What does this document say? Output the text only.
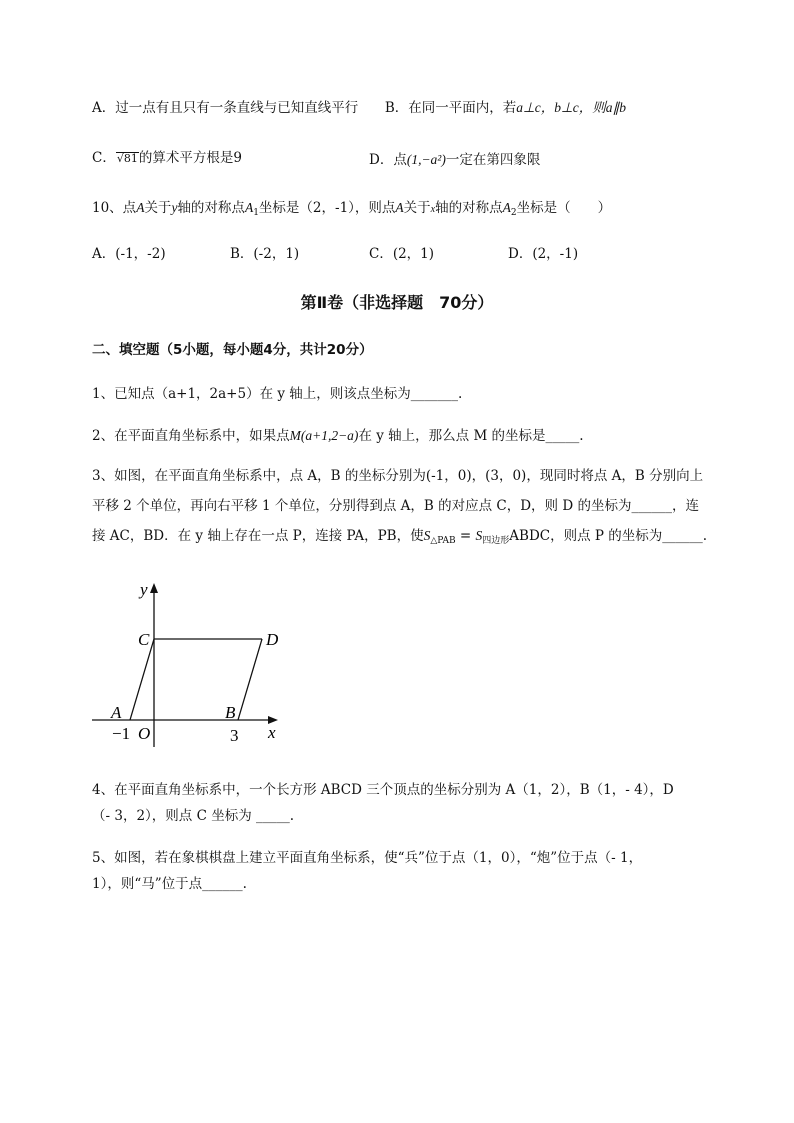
A．过一点有且只有一条直线与已知直线平行 B．在同一平面内，若a⊥c，b⊥c，则a∥b
C．√81的算术平方根是9	D．点(1,−a²)一定在第四象限
10、点A关于y轴的对称点$A_1$坐标是（2，-1），则点A关于x轴的对称点$A_2$坐标是（　　）
A．(-1，-2)	B．(-2，1)	C．(2，1)	D．(2，-1)
第Ⅱ卷（非选择题　70分）
二、填空题（5小题，每小题4分，共计20分）
1、已知点（a+1，2a+5）在 y 轴上，则该点坐标为_______.
2、在平面直角坐标系中，如果点M(a+1,2−a)在 y 轴上，那么点 M 的坐标是_____.
3、如图，在平面直角坐标系中，点 A，B 的坐标分别为(-1，0)，(3，0)，现同时将点 A，B 分别向上
平移 2 个单位，再向右平移 1 个单位，分别得到点 A，B 的对应点 C，D，则 D 的坐标为______，连
接 AC，BD．在 y 轴上存在一点 P，连接 PA，PB，使$S_{\triangle PAB}$ = $S_{四边形}ABDC$，则点 P 的坐标为______.
y
x
C	D
A	B
O
−1	3
4、在平面直角坐标系中，一个长方形 ABCD 三个顶点的坐标分别为 A（1，2），B（1，- 4），D
（- 3，2），则点 C 坐标为 _____.
5、如图，若在象棋棋盘上建立平面直角坐标系，使“兵”位于点（1，0），“炮”位于点（- 1，
1），则“马”位于点______.
